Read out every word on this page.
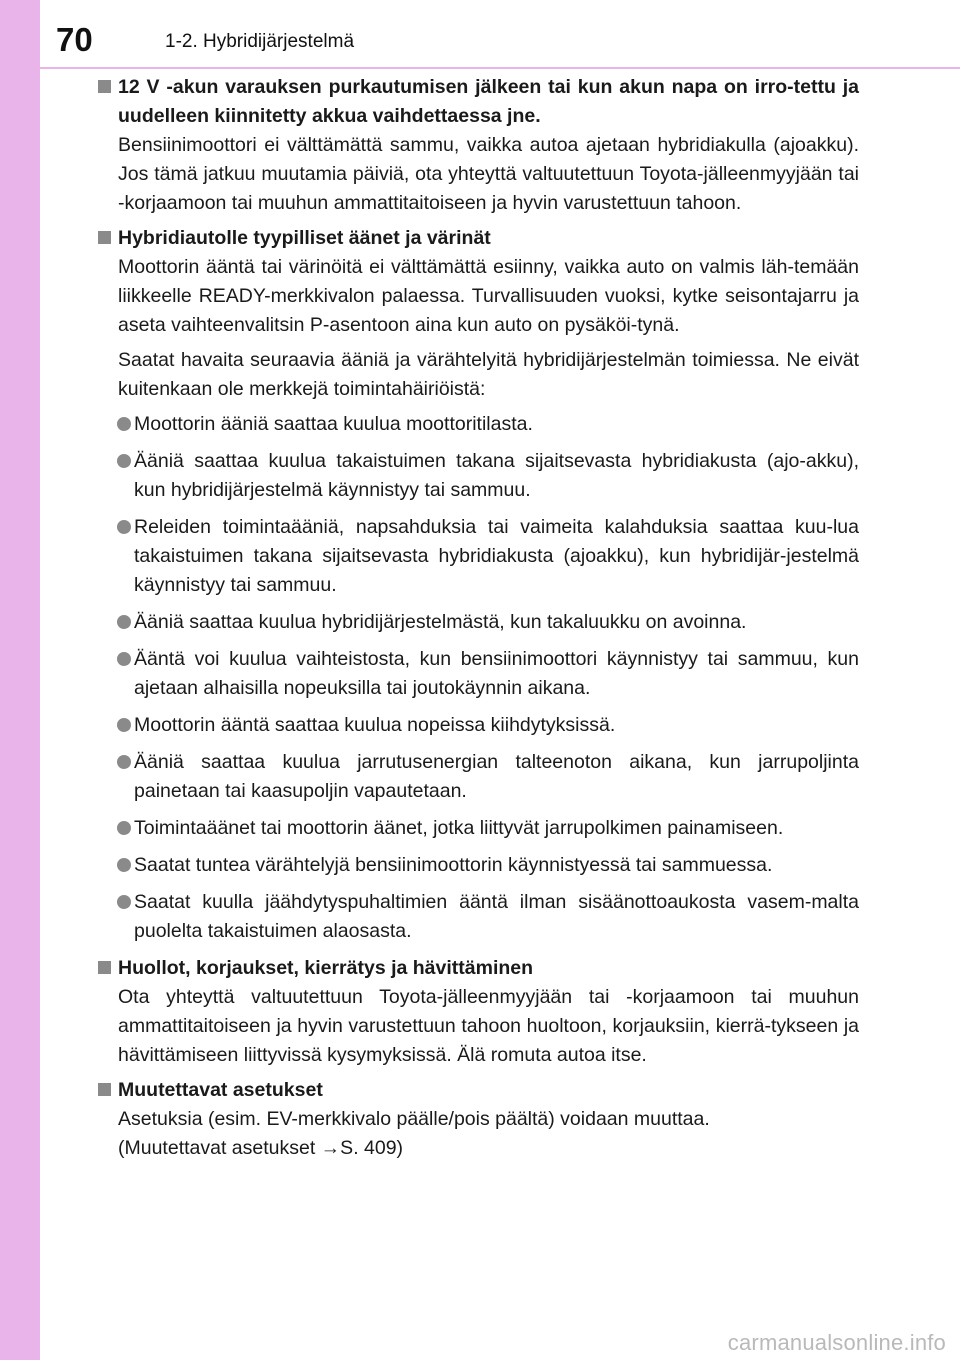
70	1-2. Hybridijärjestelmä
12 V -akun varauksen purkautumisen jälkeen tai kun akun napa on irro-tettu ja uudelleen kiinnitetty akkua vaihdettaessa jne.

Bensiinimoottori ei välttämättä sammu, vaikka autoa ajetaan hybridiakulla (ajoakku). Jos tämä jatkuu muutamia päiviä, ota yhteyttä valtuutettuun Toyota-jälleenmyyjään tai -korjaamoon tai muuhun ammattitaitoiseen ja hyvin varustettuun tahoon.

Hybridiautolle tyypilliset äänet ja värinät

Moottorin ääntä tai värinöitä ei välttämättä esiinny, vaikka auto on valmis läh-temään liikkeelle READY-merkkivalon palaessa. Turvallisuuden vuoksi, kytke seisontajarru ja aseta vaihteenvalitsin P-asentoon aina kun auto on pysäköi-tynä.

Saatat havaita seuraavia ääniä ja värähtelyitä hybridijärjestelmän toimiessa. Ne eivät kuitenkaan ole merkkejä toimintahäiriöistä:

Moottorin ääniä saattaa kuulua moottoritilasta.
Ääniä saattaa kuulua takaistuimen takana sijaitsevasta hybridiakusta (ajo-akku), kun hybridijärjestelmä käynnistyy tai sammuu.
Releiden toimintaääniä, napsahduksia tai vaimeita kalahduksia saattaa kuu-lua takaistuimen takana sijaitsevasta hybridiakusta (ajoakku), kun hybridijär-jestelmä käynnistyy tai sammuu.
Ääniä saattaa kuulua hybridijärjestelmästä, kun takaluukku on avoinna.
Ääntä voi kuulua vaihteistosta, kun bensiinimoottori käynnistyy tai sammuu, kun ajetaan alhaisilla nopeuksilla tai joutokäynnin aikana.
Moottorin ääntä saattaa kuulua nopeissa kiihdytyksissä.
Ääniä saattaa kuulua jarrutusenergian talteenoton aikana, kun jarrupoljinta painetaan tai kaasupoljin vapautetaan.
Toimintaäänet tai moottorin äänet, jotka liittyvät jarrupolkimen painamiseen.
Saatat tuntea värähtelyjä bensiinimoottorin käynnistyessä tai sammuessa.
Saatat kuulla jäähdytyspuhaltimien ääntä ilman sisäänottoaukosta vasem-malta puolelta takaistuimen alaosasta.
Huollot, korjaukset, kierrätys ja hävittäminen

Ota yhteyttä valtuutettuun Toyota-jälleenmyyjään tai -korjaamoon tai muuhun ammattitaitoiseen ja hyvin varustettuun tahoon huoltoon, korjauksiin, kierrä-tykseen ja hävittämiseen liittyvissä kysymyksissä. Älä romuta autoa itse.

Muutettavat asetukset

Asetuksia (esim. EV-merkkivalo päälle/pois päältä) voidaan muuttaa.

(Muutettavat asetukset →S. 409)

carmanualsonline.info
